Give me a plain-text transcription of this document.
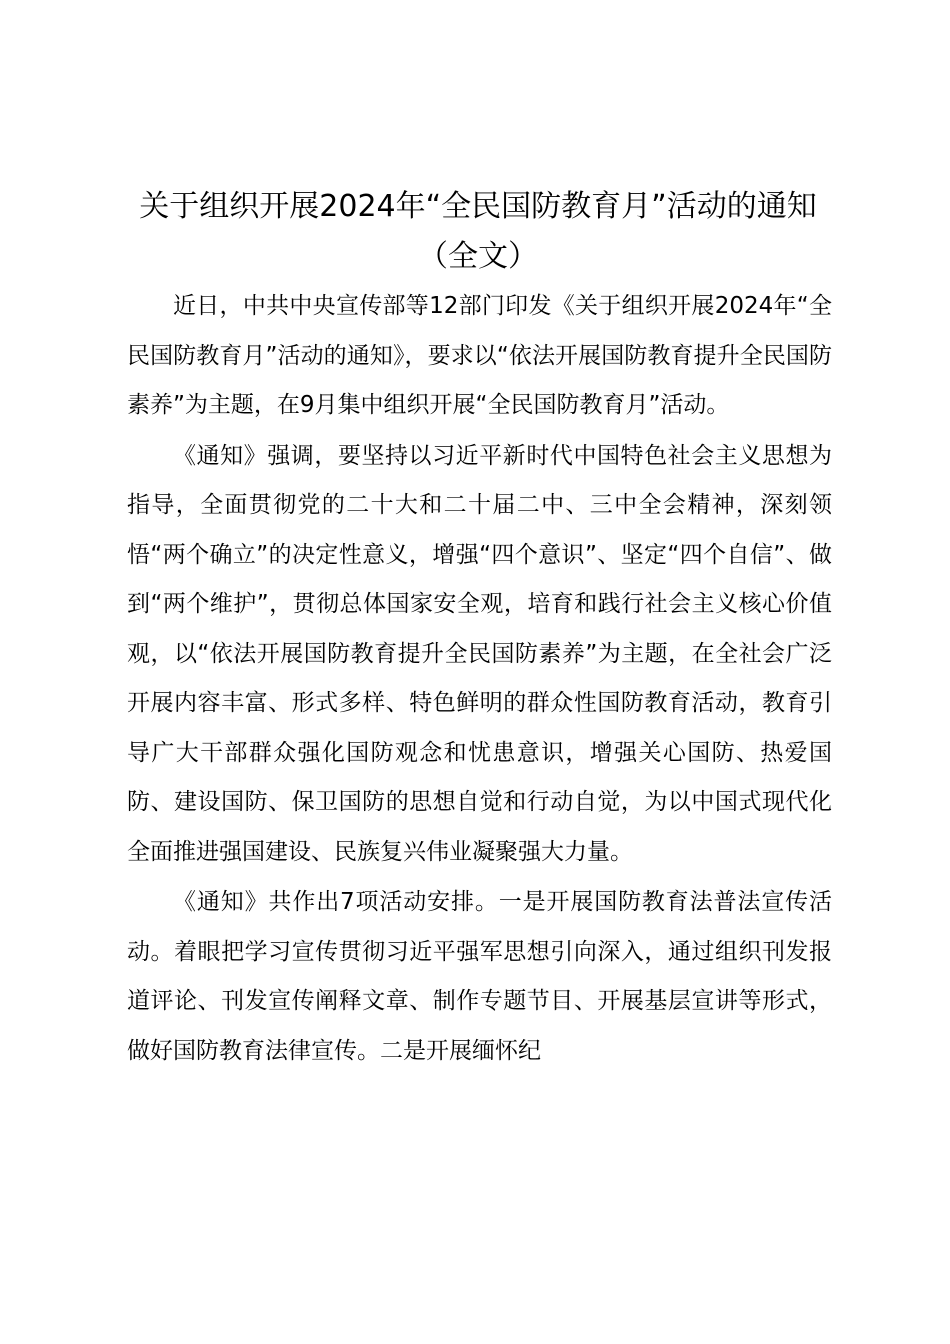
关于组织开展2024年“全民国防教育月”活动的通知（全文）

近日，中共中央宣传部等12部门印发《关于组织开展2024年“全民国防教育月”活动的通知》，要求以“依法开展国防教育提升全民国防素养”为主题，在9月集中组织开展“全民国防教育月”活动。

《通知》强调，要坚持以习近平新时代中国特色社会主义思想为指导，全面贯彻党的二十大和二十届二中、三中全会精神，深刻领悟“两个确立”的决定性意义，增强“四个意识”、坚定“四个自信”、做到“两个维护”，贯彻总体国家安全观，培育和践行社会主义核心价值观，以“依法开展国防教育提升全民国防素养”为主题，在全社会广泛开展内容丰富、形式多样、特色鲜明的群众性国防教育活动，教育引导广大干部群众强化国防观念和忧患意识，增强关心国防、热爱国防、建设国防、保卫国防的思想自觉和行动自觉，为以中国式现代化全面推进强国建设、民族复兴伟业凝聚强大力量。

《通知》共作出7项活动安排。一是开展国防教育法普法宣传活动。着眼把学习宣传贯彻习近平强军思想引向深入，通过组织刊发报道评论、刊发宣传阐释文章、制作专题节目、开展基层宣讲等形式，做好国防教育法律宣传。二是开展缅怀纪
